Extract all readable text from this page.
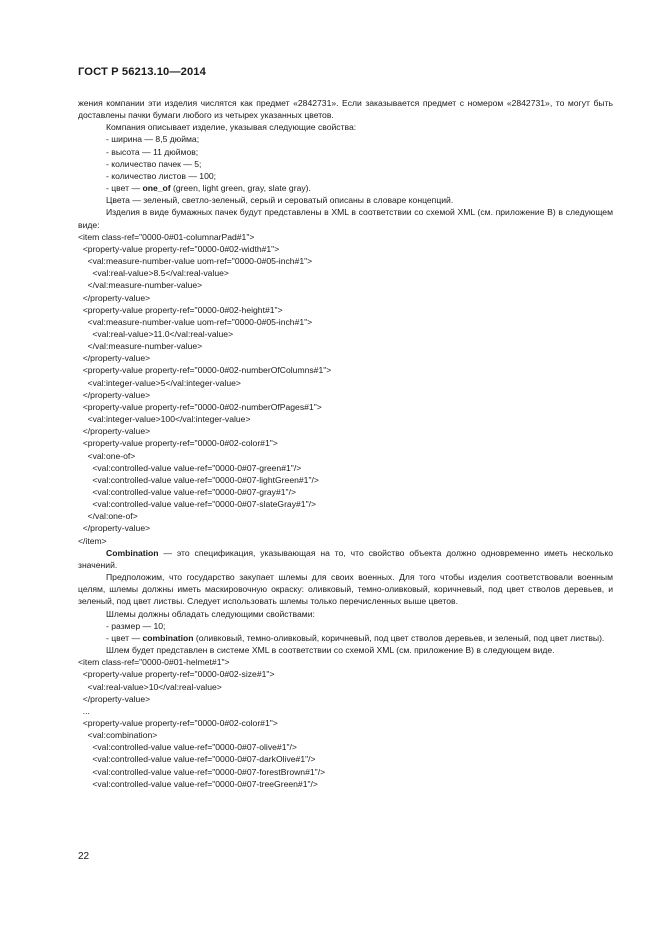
ГОСТ Р 56213.10—2014

жения компании эти изделия числятся как предмет «2842731». Если заказывается предмет с номером «2842731», то могут быть доставлены пачки бумаги любого из четырех указанных цветов.

Компания описывает изделие, указывая следующие свойства:

- ширина — 8,5 дюйма;

- высота — 11 дюймов;

- количество пачек — 5;

- количество листов — 100;

- цвет — one_of (green, light green, gray, slate gray).

Цвета — зеленый, светло-зеленый, серый и сероватый описаны в словаре концепций.

Изделия в виде бумажных пачек будут представлены в XML в соответствии со схемой XML (см. приложение В) в следующем виде:

<item class-ref="0000-0#01-columnarPad#1">

<property-value property-ref="0000-0#02-width#1">

<val:measure-number-value uom-ref="0000-0#05-inch#1">

<val:real-value>8.5</val:real-value>

</val:measure-number-value>

</property-value>

<property-value property-ref="0000-0#02-height#1">

<val:measure-number-value uom-ref="0000-0#05-inch#1">

<val:real-value>11.0</val:real-value>

</val:measure-number-value>

</property-value>

<property-value property-ref="0000-0#02-numberOfColumns#1">

<val:integer-value>5</val:integer-value>

</property-value>

<property-value property-ref="0000-0#02-numberOfPages#1">

<val:integer-value>100</val:integer-value>

</property-value>

<property-value property-ref="0000-0#02-color#1">

<val:one-of>

<val:controlled-value value-ref="0000-0#07-green#1"/>

<val:controlled-value value-ref="0000-0#07-lightGreen#1"/>

<val:controlled-value value-ref="0000-0#07-gray#1"/>

<val:controlled-value value-ref="0000-0#07-slateGray#1"/>

</val:one-of>

</property-value>

</item>

Combination — это спецификация, указывающая на то, что свойство объекта должно одновременно иметь несколько значений.

Предположим, что государство закупает шлемы для своих военных. Для того чтобы изделия соответствовали военным целям, шлемы должны иметь маскировочную окраску: оливковый, темно-оливковый, коричневый, под цвет стволов деревьев, и зеленый, под цвет листвы. Следует использовать шлемы только перечисленных выше цветов.

Шлемы должны обладать следующими свойствами:

- размер — 10;

- цвет — combination (оливковый, темно-оливковый, коричневый, под цвет стволов деревьев, и зеленый, под цвет листвы).

Шлем будет представлен в системе XML в соответствии со схемой XML (см. приложение В) в следующем виде.

<item class-ref="0000-0#01-helmet#1">

<property-value property-ref="0000-0#02-size#1">

<val:real-value>10</val:real-value>

</property-value>

...

<property-value property-ref="0000-0#02-color#1">

<val:combination>

<val:controlled-value value-ref="0000-0#07-olive#1"/>

<val:controlled-value value-ref="0000-0#07-darkOlive#1"/>

<val:controlled-value value-ref="0000-0#07-forestBrown#1"/>

<val:controlled-value value-ref="0000-0#07-treeGreen#1"/>

22
